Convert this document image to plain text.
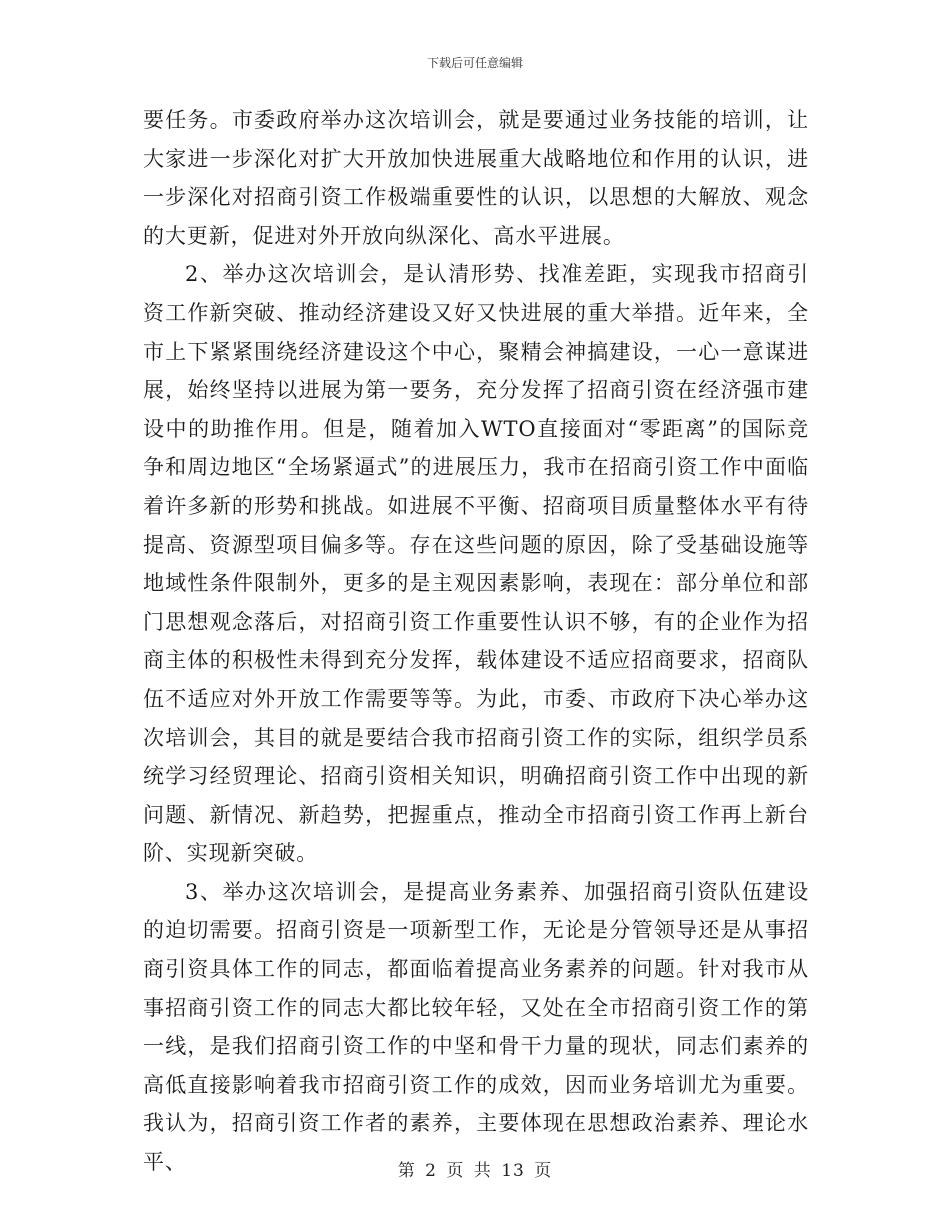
下载后可任意编辑

要任务。市委政府举办这次培训会，就是要通过业务技能的培训，让大家进一步深化对扩大开放加快进展重大战略地位和作用的认识，进一步深化对招商引资工作极端重要性的认识，以思想的大解放、观念的大更新，促进对外开放向纵深化、高水平进展。

2、举办这次培训会，是认清形势、找准差距，实现我市招商引资工作新突破、推动经济建设又好又快进展的重大举措。近年来，全市上下紧紧围绕经济建设这个中心，聚精会神搞建设，一心一意谋进展，始终坚持以进展为第一要务，充分发挥了招商引资在经济强市建设中的助推作用。但是，随着加入WTO直接面对“零距离”的国际竞争和周边地区“全场紧逼式”的进展压力，我市在招商引资工作中面临着许多新的形势和挑战。如进展不平衡、招商项目质量整体水平有待提高、资源型项目偏多等。存在这些问题的原因，除了受基础设施等地域性条件限制外，更多的是主观因素影响，表现在：部分单位和部门思想观念落后，对招商引资工作重要性认识不够，有的企业作为招商主体的积极性未得到充分发挥，载体建设不适应招商要求，招商队伍不适应对外开放工作需要等等。为此，市委、市政府下决心举办这次培训会，其目的就是要结合我市招商引资工作的实际，组织学员系统学习经贸理论、招商引资相关知识，明确招商引资工作中出现的新问题、新情况、新趋势，把握重点，推动全市招商引资工作再上新台阶、实现新突破。

3、举办这次培训会，是提高业务素养、加强招商引资队伍建设的迫切需要。招商引资是一项新型工作，无论是分管领导还是从事招商引资具体工作的同志，都面临着提高业务素养的问题。针对我市从事招商引资工作的同志大都比较年轻，又处在全市招商引资工作的第一线，是我们招商引资工作的中坚和骨干力量的现状，同志们素养的高低直接影响着我市招商引资工作的成效，因而业务培训尤为重要。我认为，招商引资工作者的素养，主要体现在思想政治素养、理论水平、	第 2 页 共 13 页
